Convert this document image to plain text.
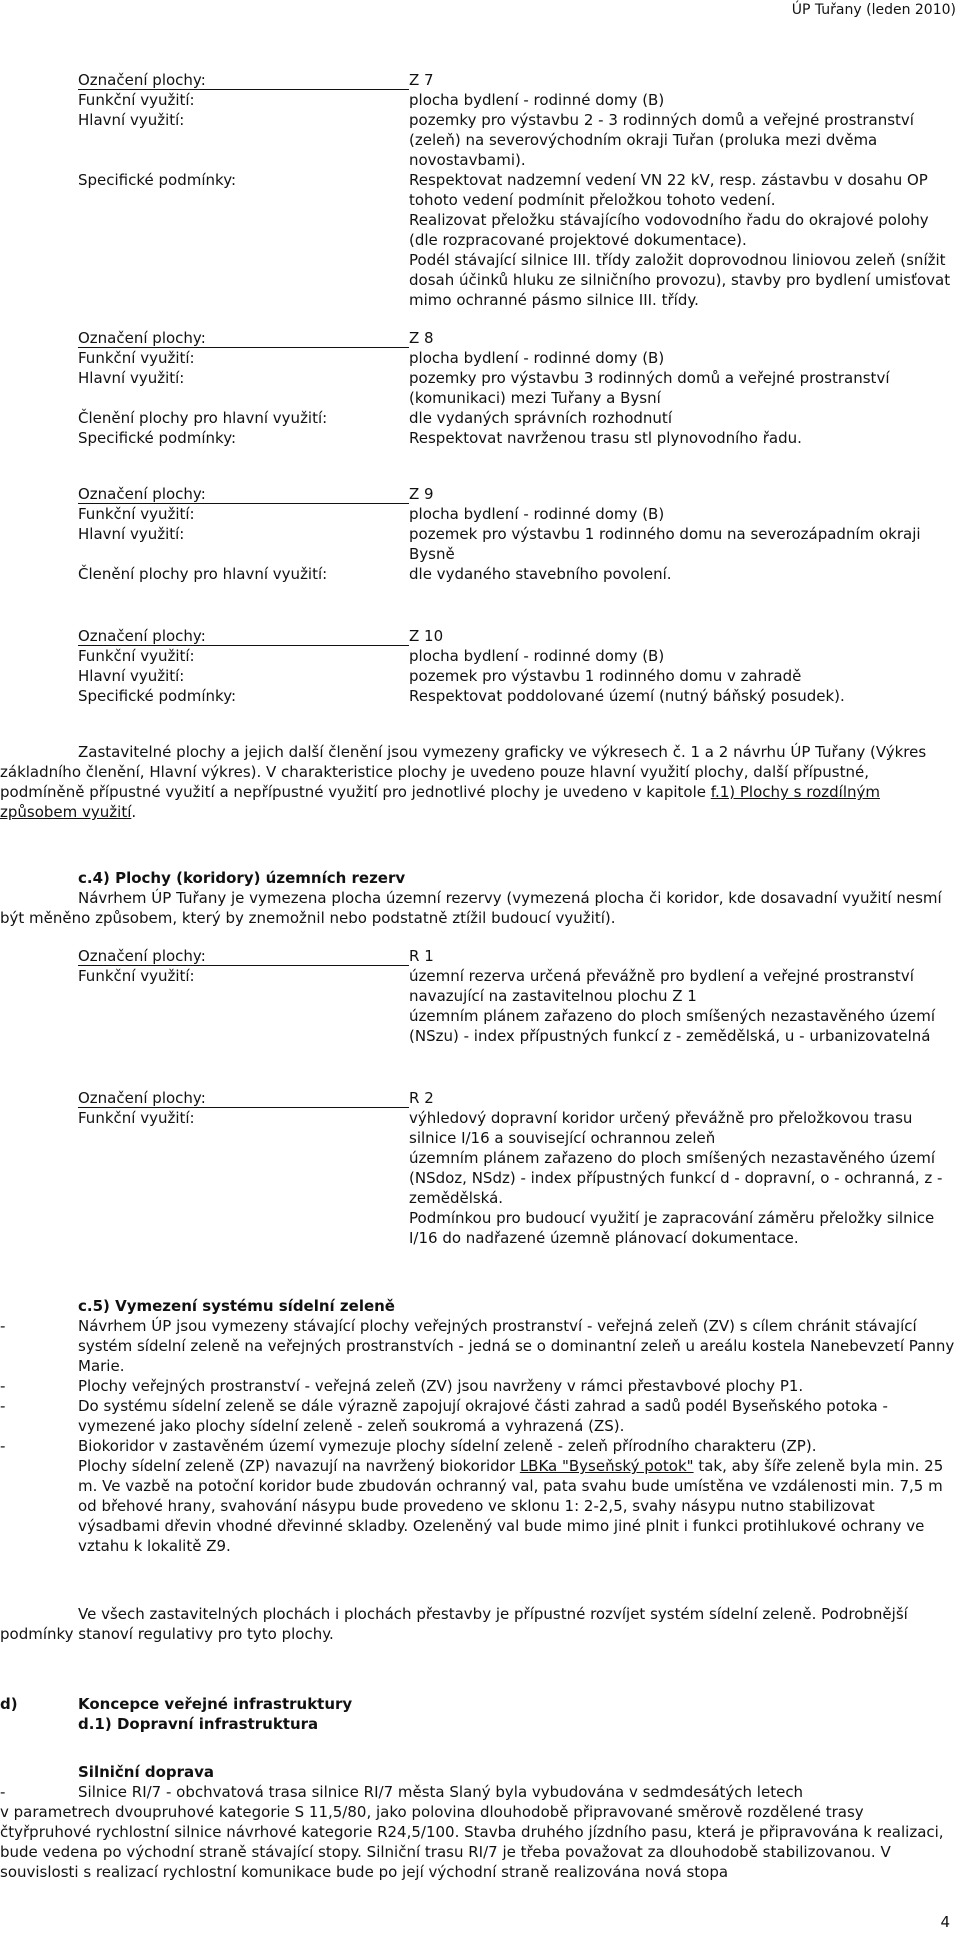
ÚP Tuřany (leden 2010)
Označení plochy:	Z 7
Funkční využití:	plocha bydlení - rodinné domy (B)
Hlavní využití:	pozemky pro výstavbu 2 - 3 rodinných domů a veřejné prostranství (zeleň) na severovýchodním okraji Tuřan (proluka mezi dvěma novostavbami).
Specifické podmínky:	Respektovat nadzemní vedení VN 22 kV, resp. zástavbu v dosahu OP tohoto vedení podmínit přeložkou tohoto vedení.
Realizovat přeložku stávajícího vodovodního řadu do okrajové polohy (dle rozpracované projektové dokumentace).
Podél stávající silnice III. třídy založit doprovodnou liniovou zeleň (snížit dosah účinků hluku ze silničního provozu), stavby pro bydlení umisťovat mimo ochranné pásmo silnice III. třídy.
Označení plochy:	Z 8
Funkční využití:	plocha bydlení - rodinné domy (B)
Hlavní využití:	pozemky pro výstavbu 3 rodinných domů a veřejné prostranství (komunikaci) mezi Tuřany a Bysní
Členění plochy pro hlavní využití:	dle vydaných správních rozhodnutí
Specifické podmínky:	Respektovat navrženou trasu stl plynovodního řadu.
Označení plochy:	Z 9
Funkční využití:	plocha bydlení - rodinné domy (B)
Hlavní využití:	pozemek pro výstavbu 1 rodinného domu na severozápadním okraji Bysně
Členění plochy pro hlavní využití:	dle vydaného stavebního povolení.
Označení plochy:	Z 10
Funkční využití:	plocha bydlení - rodinné domy (B)
Hlavní využití:	pozemek pro výstavbu 1 rodinného domu v zahradě
Specifické podmínky:	Respektovat poddolované území (nutný báňský posudek).
Zastavitelné plochy a jejich další členění jsou vymezeny graficky ve výkresech č. 1 a 2 návrhu ÚP Tuřany (Výkres základního členění, Hlavní výkres). V charakteristice plochy je uvedeno pouze hlavní využití plochy, další přípustné, podmíněně přípustné využití a nepřípustné využití pro jednotlivé plochy je uvedeno v kapitole f.1) Plochy s rozdílným způsobem využití.
c.4) Plochy (koridory) územních rezerv
Návrhem ÚP Tuřany je vymezena plocha územní rezervy (vymezená plocha či koridor, kde dosavadní využití nesmí být měněno způsobem, který by znemožnil nebo podstatně ztížil budoucí využití).
Označení plochy:	R 1
Funkční využití:	územní rezerva určená převážně pro bydlení a veřejné prostranství navazující na zastavitelnou plochu Z 1
územním plánem zařazeno do ploch smíšených nezastavěného území (NSzu) - index přípustných funkcí z - zemědělská, u - urbanizovatelná
Označení plochy:	R 2
Funkční využití:	výhledový dopravní koridor určený převážně pro přeložkovou trasu silnice I/16 a související ochrannou zeleň
územním plánem zařazeno do ploch smíšených nezastavěného území (NSdoz, NSdz) - index přípustných funkcí d - dopravní, o - ochranná, z - zemědělská.
Podmínkou pro budoucí využití je zapracování záměru přeložky silnice I/16 do nadřazené územně plánovací dokumentace.
c.5) Vymezení systému sídelní zeleně
-	Návrhem ÚP jsou vymezeny stávající plochy veřejných prostranství - veřejná zeleň (ZV) s cílem chránit stávající systém sídelní zeleně na veřejných prostranstvích - jedná se o dominantní zeleň u areálu kostela Nanebevzetí Panny Marie.
-	Plochy veřejných prostranství - veřejná zeleň (ZV) jsou navrženy v rámci přestavbové plochy P1.
-	Do systému sídelní zeleně se dále výrazně zapojují okrajové části zahrad a sadů podél Byseňského potoka - vymezené jako plochy sídelní zeleně - zeleň soukromá a vyhrazená (ZS).
-	Biokoridor v zastavěném území vymezuje plochy sídelní zeleně - zeleň přírodního charakteru (ZP).
Plochy sídelní zeleně (ZP) navazují na navržený biokoridor LBKa "Byseňský potok" tak, aby šíře zeleně byla min. 25 m. Ve vazbě na potoční koridor bude zbudován ochranný val, pata svahu bude umístěna ve vzdálenosti min. 7,5 m od břehové hrany, svahování násypu bude provedeno ve sklonu 1: 2-2,5, svahy násypu nutno stabilizovat výsadbami dřevin vhodné dřevinné skladby. Ozeleněný val bude mimo jiné plnit i funkci protihlukové ochrany ve vztahu k lokalitě Z9.
Ve všech zastavitelných plochách i plochách přestavby je přípustné rozvíjet systém sídelní zeleně. Podrobnější podmínky stanoví regulativy pro tyto plochy.
d)	Koncepce veřejné infrastruktury
d.1) Dopravní infrastruktura
Silniční doprava
-	Silnice RI/7 - obchvatová trasa silnice RI/7 města Slaný byla vybudována v sedmdesátých letech
v parametrech dvoupruhové kategorie S 11,5/80, jako polovina dlouhodobě připravované směrově rozdělené trasy čtyřpruhové rychlostní silnice návrhové kategorie R24,5/100. Stavba druhého jízdního pasu, která je připravována k realizaci, bude vedena po východní straně stávající stopy. Silniční trasu RI/7 je třeba považovat za dlouhodobě stabilizovanou. V souvislosti s realizací rychlostní komunikace bude po její východní straně realizována nová stopa
4
